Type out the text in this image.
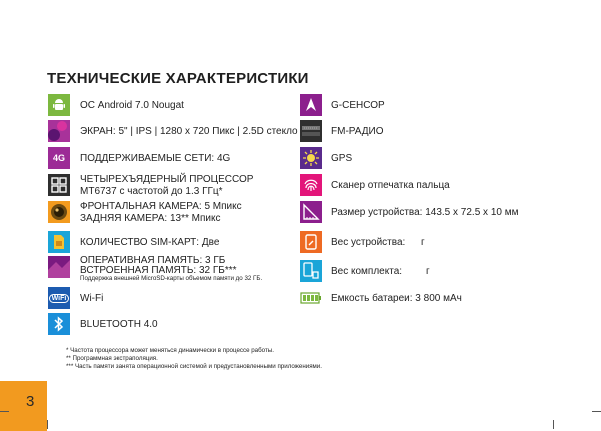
ТЕХНИЧЕСКИЕ ХАРАКТЕРИСТИКИ
ОС Android 7.0 Nougat
ЭКРАН: 5" | IPS | 1280 x 720 Пикс | 2.5D стекло
4G ПОДДЕРЖИВАЕМЫЕ СЕТИ: 4G
ЧЕТЫРЕХЪЯДЕРНЫЙ ПРОЦЕССОР
MT6737 с частотой до 1.3 ГГц*
ФРОНТАЛЬНАЯ КАМЕРА: 5 Мпикс
ЗАДНЯЯ КАМЕРА: 13** Мпикс
КОЛИЧЕСТВО SIM-КАРТ: Две
ОПЕРАТИВНАЯ ПАМЯТЬ: 3 ГБ
ВСТРОЕННАЯ ПАМЯТЬ: 32 ГБ***
Поддержка внешней MicroSD-карты объемом памяти до 32 ГБ.
WiFi	Wi-Fi
BLUETOOTH 4.0
G-СЕНСОР
FM-РАДИО
GPS
Сканер отпечатка пальца
Размер устройства: 143.5 x 72.5 x 10 мм
Вес устройства: г
Вес комплекта: г
Емкость батареи: 3 800 мАч
* Частота процессора может меняться динамически в процессе работы.
** Программная экстраполяция.
*** Часть памяти занята операционной системой и предустановленными приложениями.
3
